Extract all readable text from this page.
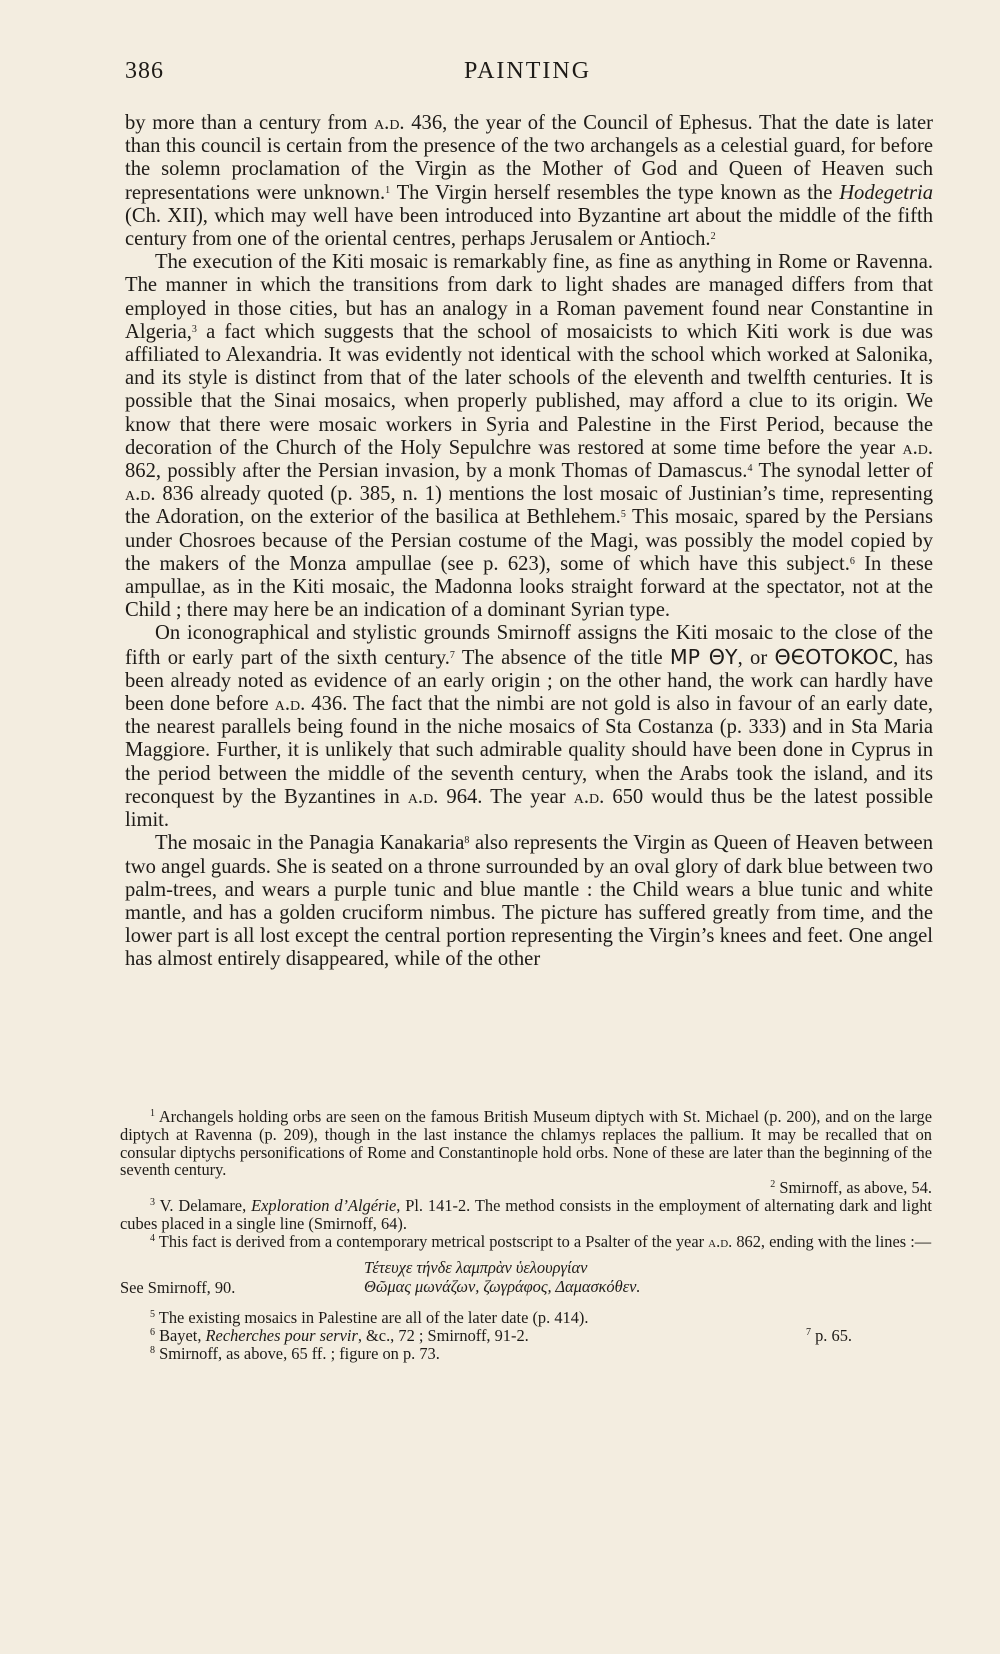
386	PAINTING

by more than a century from a.d. 436, the year of the Council of Ephesus. That the date is later than this council is certain from the presence of the two archangels as a celestial guard, for before the solemn proclamation of the Virgin as the Mother of God and Queen of Heaven such representations were unknown.$^1$ The Virgin herself resembles the type known as the Hodegetria (Ch. XII), which may well have been introduced into Byzantine art about the middle of the fifth century from one of the oriental centres, perhaps Jerusalem or Antioch.$^2$

The execution of the Kiti mosaic is remarkably fine, as fine as anything in Rome or Ravenna. The manner in which the transitions from dark to light shades are managed differs from that employed in those cities, but has an analogy in a Roman pavement found near Constantine in Algeria,$^3$ a fact which suggests that the school of mosaicists to which Kiti work is due was affiliated to Alexandria. It was evidently not identical with the school which worked at Salonika, and its style is distinct from that of the later schools of the eleventh and twelfth centuries. It is possible that the Sinai mosaics, when properly published, may afford a clue to its origin. We know that there were mosaic workers in Syria and Palestine in the First Period, because the decoration of the Church of the Holy Sepulchre was restored at some time before the year a.d. 862, possibly after the Persian invasion, by a monk Thomas of Damascus.$^4$ The synodal letter of a.d. 836 already quoted (p. 385, n. 1) mentions the lost mosaic of Justinian’s time, representing the Adoration, on the exterior of the basilica at Bethlehem.$^5$ This mosaic, spared by the Persians under Chosroes because of the Persian costume of the Magi, was possibly the model copied by the makers of the Monza ampullae (see p. 623), some of which have this subject.$^6$ In these ampullae, as in the Kiti mosaic, the Madonna looks straight forward at the spectator, not at the Child ; there may here be an indication of a dominant Syrian type.

On iconographical and stylistic grounds Smirnoff assigns the Kiti mosaic to the close of the fifth or early part of the sixth century.$^7$ The absence of the title MP ΘY, or ΘЄOTOKOC, has been already noted as evidence of an early origin ; on the other hand, the work can hardly have been done before a.d. 436. The fact that the nimbi are not gold is also in favour of an early date, the nearest parallels being found in the niche mosaics of Sta Costanza (p. 333) and in Sta Maria Maggiore. Further, it is unlikely that such admirable quality should have been done in Cyprus in the period between the middle of the seventh century, when the Arabs took the island, and its reconquest by the Byzantines in a.d. 964. The year a.d. 650 would thus be the latest possible limit.

The mosaic in the Panagia Kanakaria$^8$ also represents the Virgin as Queen of Heaven between two angel guards. She is seated on a throne surrounded by an oval glory of dark blue between two palm-trees, and wears a purple tunic and blue mantle : the Child wears a blue tunic and white mantle, and has a golden cruciform nimbus. The picture has suffered greatly from time, and the lower part is all lost except the central portion representing the Virgin’s knees and feet. One angel has almost entirely disappeared, while of the other

$^1$ Archangels holding orbs are seen on the famous British Museum diptych with St. Michael (p. 200), and on the large diptych at Ravenna (p. 209), though in the last instance the chlamys replaces the pallium. It may be recalled that on consular diptychs personifications of Rome and Constantinople hold orbs. None of these are later than the beginning of the seventh century.

$^2$ Smirnoff, as above, 54.

$^3$ V. Delamare, Exploration d’Algérie, Pl. 141-2. The method consists in the employment of alternating dark and light cubes placed in a single line (Smirnoff, 64).

$^4$ This fact is derived from a contemporary metrical postscript to a Psalter of the year a.d. 862, ending with the lines :—

Τέτευχε τήνδε λαμπρὰν ὑελουργίαν
Θῶμας μωνάζων, ζωγράφος, Δαμασκόθεν.

See Smirnoff, 90.

$^5$ The existing mosaics in Palestine are all of the later date (p. 414).

$^6$ Bayet, Recherches pour servir, &c., 72 ; Smirnoff, 91-2.	$^7$ p. 65.

$^8$ Smirnoff, as above, 65 ff. ; figure on p. 73.
